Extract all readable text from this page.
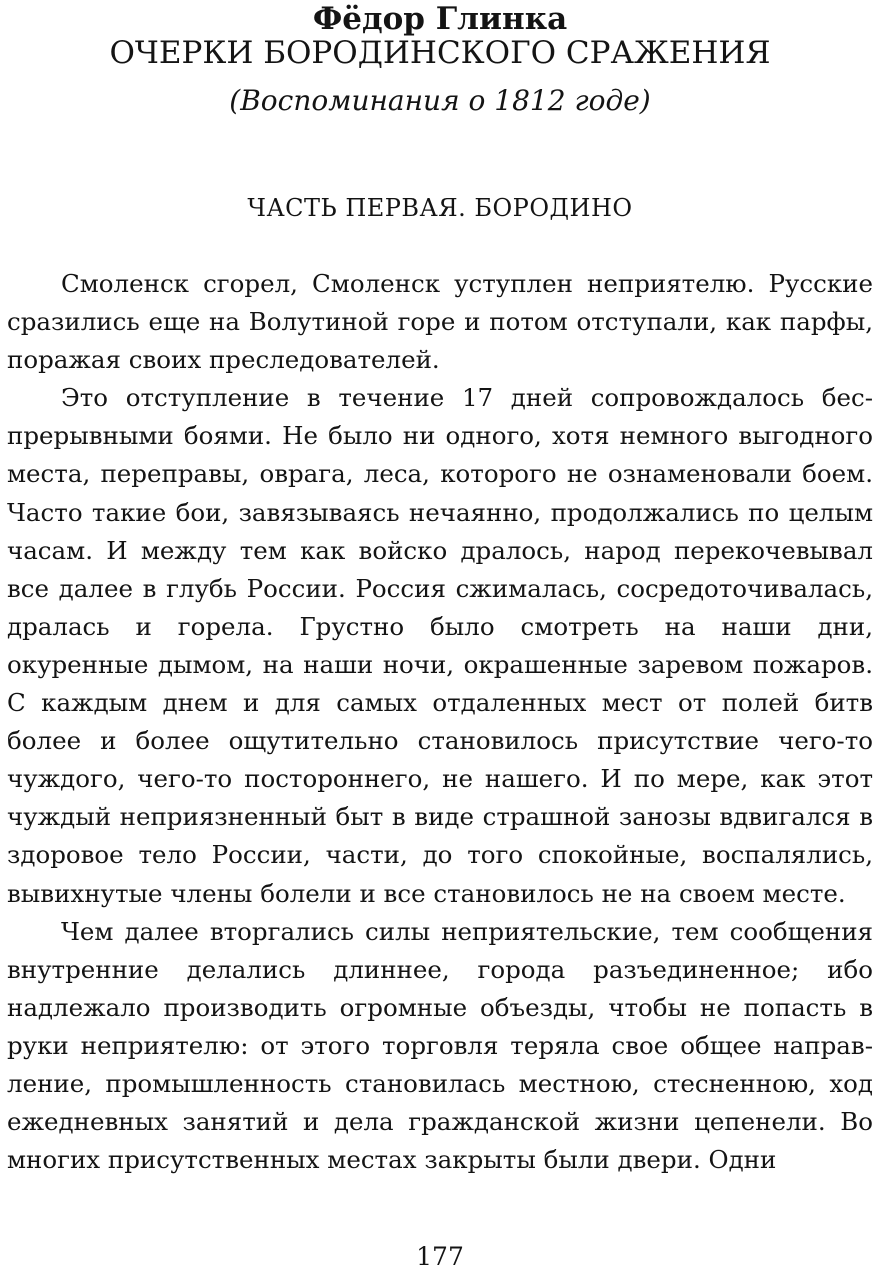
Фёдор Глинка
ОЧЕРКИ БОРОДИНСКОГО СРАЖЕНИЯ
(Воспоминания о 1812 годе)
ЧАСТЬ ПЕРВАЯ. БОРОДИНО

Смоленск сгорел, Смоленск уступлен неприятелю. Русские сразились еще на Волутиной горе и потом отступали, как парфы, поражая своих преследователей.

Это отступление в течение 17 дней сопровождалось беспрерывными боями. Не было ни одного, хотя немного выгодного места, переправы, оврага, леса, которого не ознаменовали боем. Часто такие бои, завязываясь нечаянно, продолжались по целым часам. И между тем как войско дралось, народ перекочевывал все далее в глубь России. Россия сжималась, сосредоточивалась, дралась и горела. Грустно было смотреть на наши дни, окуренные дымом, на наши ночи, окрашенные заревом пожаров. С каждым днем и для самых отдаленных мест от полей битв более и более ощутительно становилось присутствие чего-то чуждого, чего-то постороннего, не нашего. И по мере, как этот чуждый неприязненный быт в виде страшной занозы вдвигался в здоровое тело России, части, до того спокойные, воспалялись, вывихнутые члены болели и все становилось не на своем месте.

Чем далее вторгались силы неприятельские, тем сообщения внутренние делались длиннее, города разъединенное; ибо надлежало производить огромные объезды, чтобы не попасть в руки неприятелю: от этого торговля теряла свое общее направление, промышленность становилась местною, стесненною, ход ежедневных занятий и дела гражданской жизни цепенели. Во многих присутственных местах закрыты были двери. Одни

177
